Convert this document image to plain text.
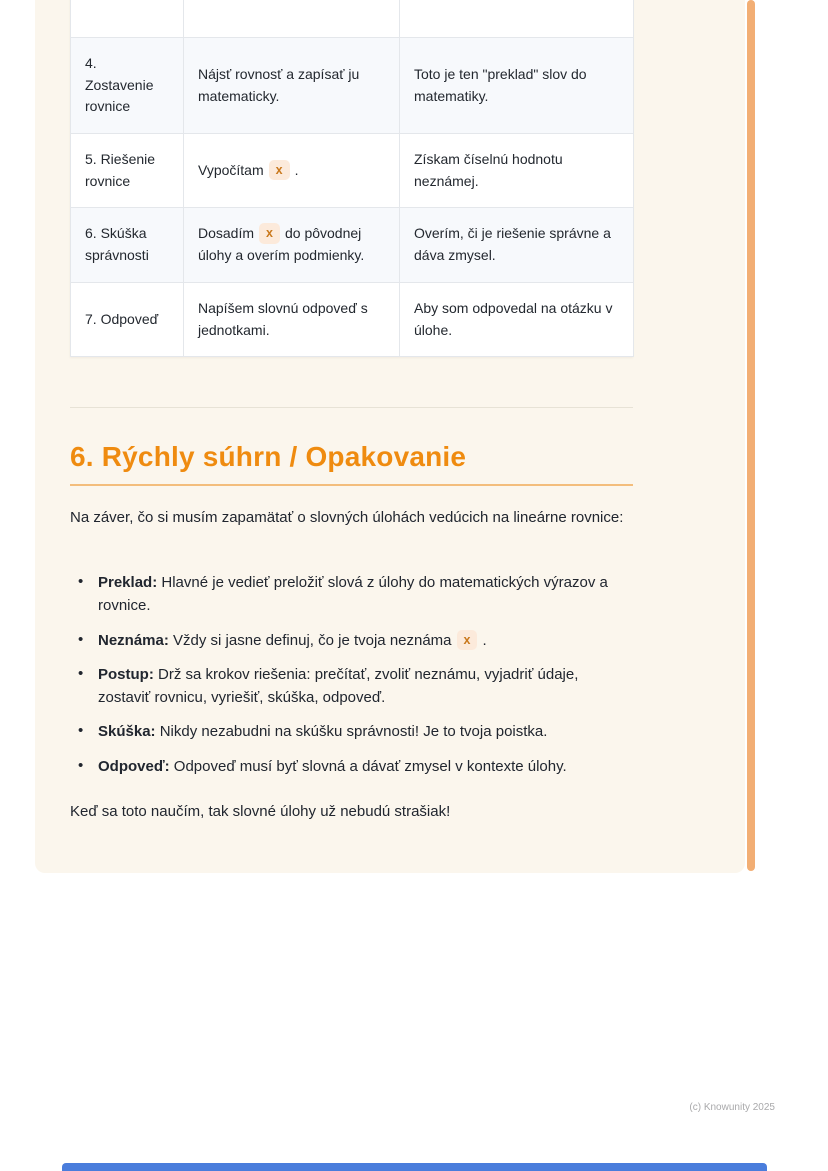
4. Zostavenie rovnice	Nájsť rovnosť a zapísať ju matematicky.	Toto je ten "preklad" slov do matematiky.
5. Riešenie rovnice	Vypočítam x .	Získam číselnú hodnotu neznámej.
6. Skúška správnosti	Dosadím x do pôvodnej úlohy a overím podmienky.	Overím, či je riešenie správne a dáva zmysel.
7. Odpoveď	Napíšem slovnú odpoveď s jednotkami.	Aby som odpovedal na otázku v úlohe.
6. Rýchly súhrn / Opakovanie

Na záver, čo si musím zapamätať o slovných úlohách vedúcich na lineárne rovnice:

• Preklad: Hlavné je vedieť preložiť slová z úlohy do matematických výrazov a rovnice.
• Neznáma: Vždy si jasne definuj, čo je tvoja neznáma x .
• Postup: Drž sa krokov riešenia: prečítať, zvoliť neznámu, vyjadriť údaje, zostaviť rovnicu, vyriešiť, skúška, odpoveď.
• Skúška: Nikdy nezabudni na skúšku správnosti! Je to tvoja poistka.
• Odpoveď: Odpoveď musí byť slovná a dávať zmysel v kontexte úlohy.

Keď sa toto naučím, tak slovné úlohy už nebudú strašiak!

(c) Knowunity 2025
